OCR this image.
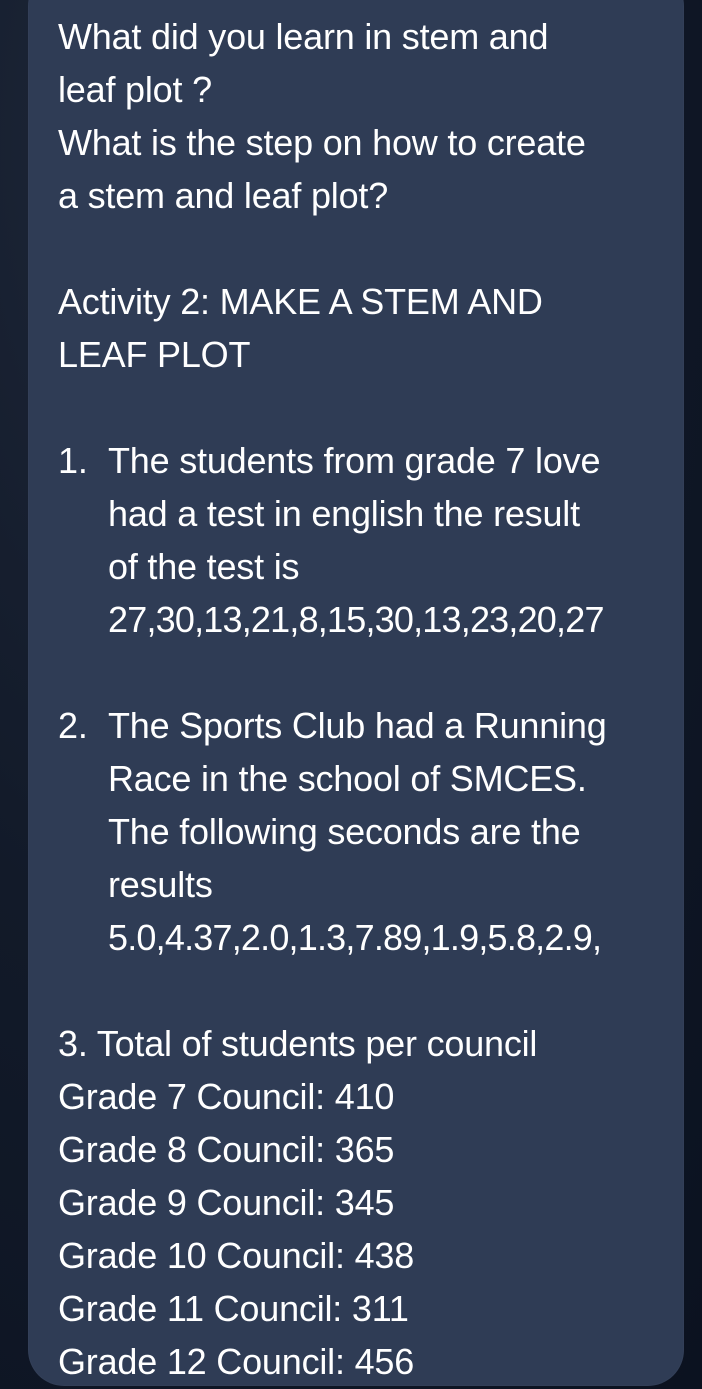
What did you learn in stem and
leaf plot ?
What is the step on how to create
a stem and leaf plot?
Activity 2: MAKE A STEM AND
LEAF PLOT
1. The students from grade 7 love
had a test in english the result
of the test is
27,30,13,21,8,15,30,13,23,20,27
2. The Sports Club had a Running
Race in the school of SMCES.
The following seconds are the
results
5.0,4.37,2.0,1.3,7.89,1.9,5.8,2.9,
3. Total of students per council
Grade 7 Council: 410
Grade 8 Council: 365
Grade 9 Council: 345
Grade 10 Council: 438
Grade 11 Council: 311
Grade 12 Council: 456
